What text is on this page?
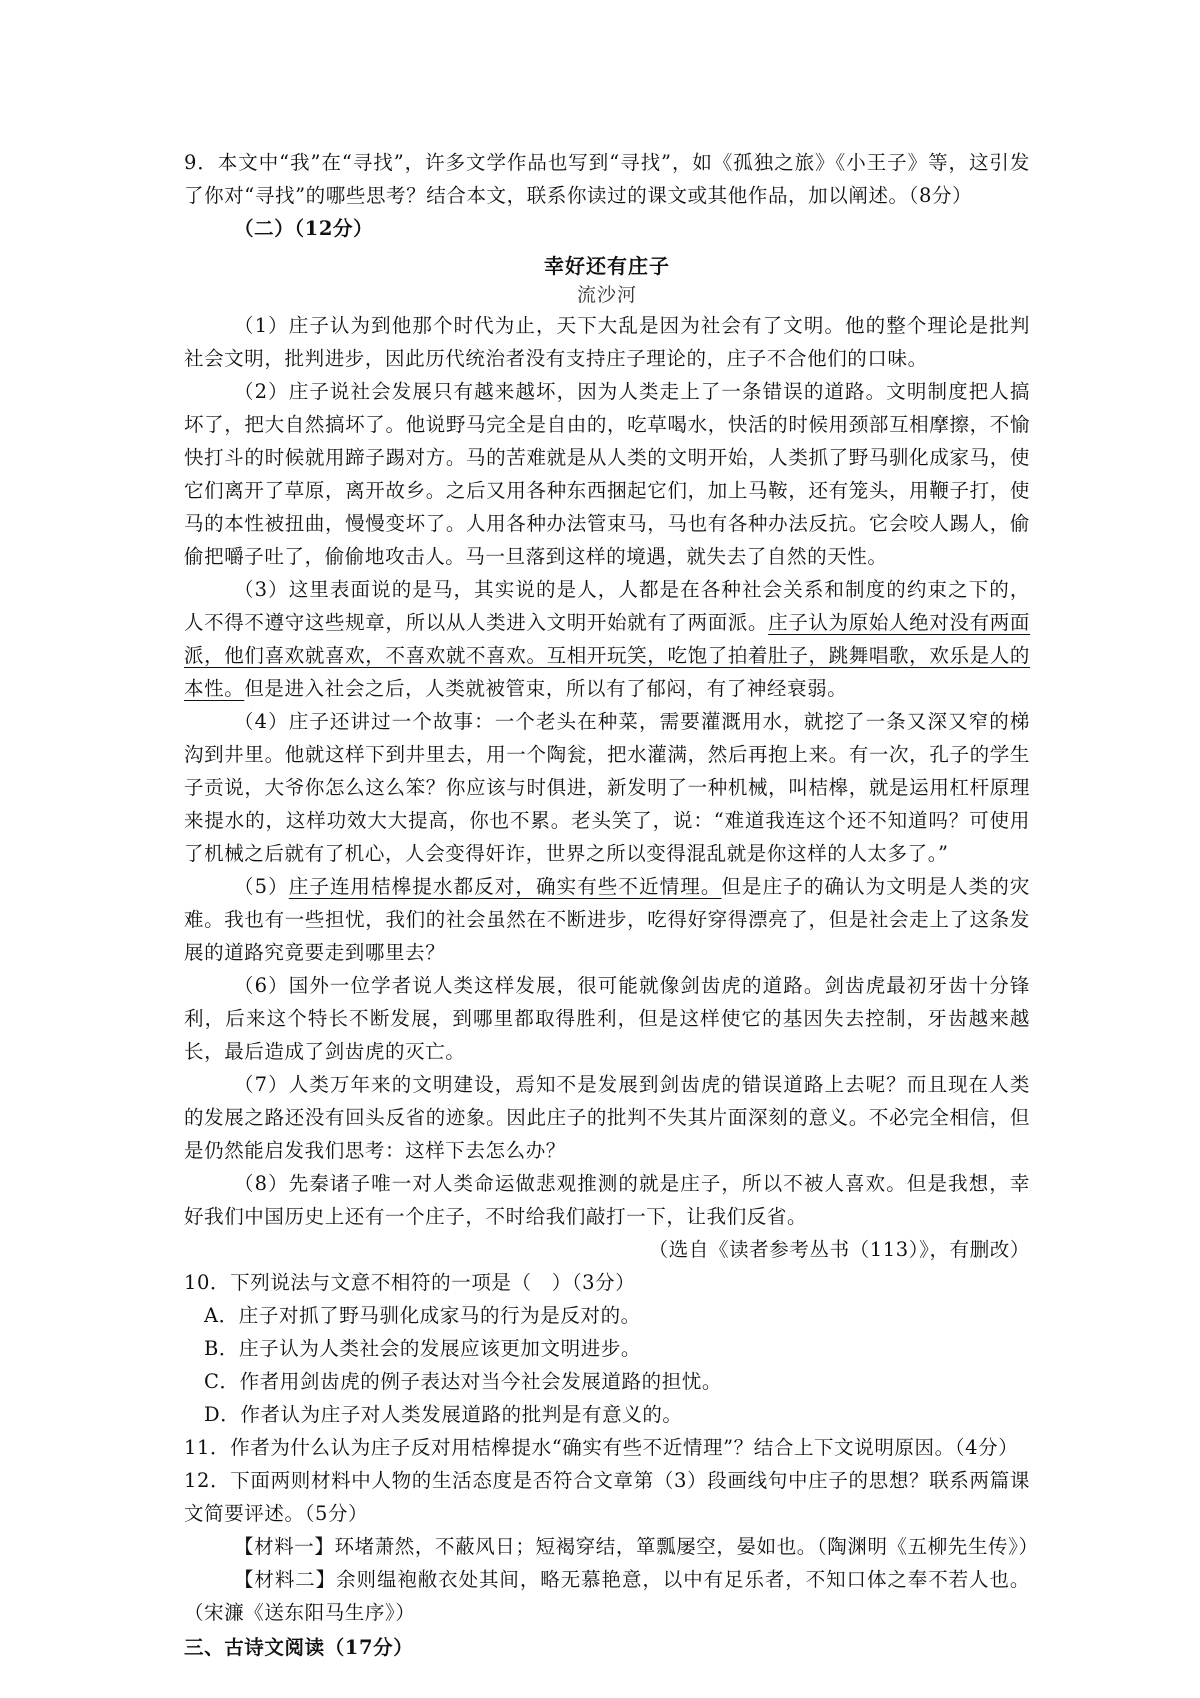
9．本文中“我”在“寻找”，许多文学作品也写到“寻找”，如《孤独之旅》《小王子》等，这引发了你对“寻找”的哪些思考？结合本文，联系你读过的课文或其他作品，加以阐述。（8分）

（二）（12分）

幸好还有庄子

流沙河

（1）庄子认为到他那个时代为止，天下大乱是因为社会有了文明。他的整个理论是批判社会文明，批判进步，因此历代统治者没有支持庄子理论的，庄子不合他们的口味。

（2）庄子说社会发展只有越来越坏，因为人类走上了一条错误的道路。文明制度把人搞坏了，把大自然搞坏了。他说野马完全是自由的，吃草喝水，快活的时候用颈部互相摩擦，不愉快打斗的时候就用蹄子踢对方。马的苦难就是从人类的文明开始，人类抓了野马驯化成家马，使它们离开了草原，离开故乡。之后又用各种东西捆起它们，加上马鞍，还有笼头，用鞭子打，使马的本性被扭曲，慢慢变坏了。人用各种办法管束马，马也有各种办法反抗。它会咬人踢人，偷偷把嚼子吐了，偷偷地攻击人。马一旦落到这样的境遇，就失去了自然的天性。

（3）这里表面说的是马，其实说的是人，人都是在各种社会关系和制度的约束之下的，人不得不遵守这些规章，所以从人类进入文明开始就有了两面派。庄子认为原始人绝对没有两面派，他们喜欢就喜欢，不喜欢就不喜欢。互相开玩笑，吃饱了拍着肚子，跳舞唱歌，欢乐是人的本性。但是进入社会之后，人类就被管束，所以有了郁闷，有了神经衰弱。

（4）庄子还讲过一个故事：一个老头在种菜，需要灌溉用水，就挖了一条又深又窄的梯沟到井里。他就这样下到井里去，用一个陶瓮，把水灌满，然后再抱上来。有一次，孔子的学生子贡说，大爷你怎么这么笨？你应该与时俱进，新发明了一种机械，叫桔槔，就是运用杠杆原理来提水的，这样功效大大提高，你也不累。老头笑了，说：“难道我连这个还不知道吗？可使用了机械之后就有了机心，人会变得奸诈，世界之所以变得混乱就是你这样的人太多了。”

（5）庄子连用桔槔提水都反对，确实有些不近情理。但是庄子的确认为文明是人类的灾难。我也有一些担忧，我们的社会虽然在不断进步，吃得好穿得漂亮了，但是社会走上了这条发展的道路究竟要走到哪里去？

（6）国外一位学者说人类这样发展，很可能就像剑齿虎的道路。剑齿虎最初牙齿十分锋利，后来这个特长不断发展，到哪里都取得胜利，但是这样使它的基因失去控制，牙齿越来越长，最后造成了剑齿虎的灭亡。

（7）人类万年来的文明建设，焉知不是发展到剑齿虎的错误道路上去呢？而且现在人类的发展之路还没有回头反省的迹象。因此庄子的批判不失其片面深刻的意义。不必完全相信，但是仍然能启发我们思考：这样下去怎么办？

（8）先秦诸子唯一对人类命运做悲观推测的就是庄子，所以不被人喜欢。但是我想，幸好我们中国历史上还有一个庄子，不时给我们敲打一下，让我们反省。

（选自《读者参考丛书（113）》，有删改）

10．下列说法与文意不相符的一项是（　）（3分）

A．庄子对抓了野马驯化成家马的行为是反对的。

B．庄子认为人类社会的发展应该更加文明进步。

C．作者用剑齿虎的例子表达对当今社会发展道路的担忧。

D．作者认为庄子对人类发展道路的批判是有意义的。

11．作者为什么认为庄子反对用桔槔提水“确实有些不近情理”？结合上下文说明原因。（4分）

12．下面两则材料中人物的生活态度是否符合文章第（3）段画线句中庄子的思想？联系两篇课文简要评述。（5分）

【材料一】环堵萧然，不蔽风日；短褐穿结，箪瓢屡空，晏如也。（陶渊明《五柳先生传》）

【材料二】余则缊袍敝衣处其间，略无慕艳意，以中有足乐者，不知口体之奉不若人也。（宋濂《送东阳马生序》）

三、古诗文阅读（17分）
